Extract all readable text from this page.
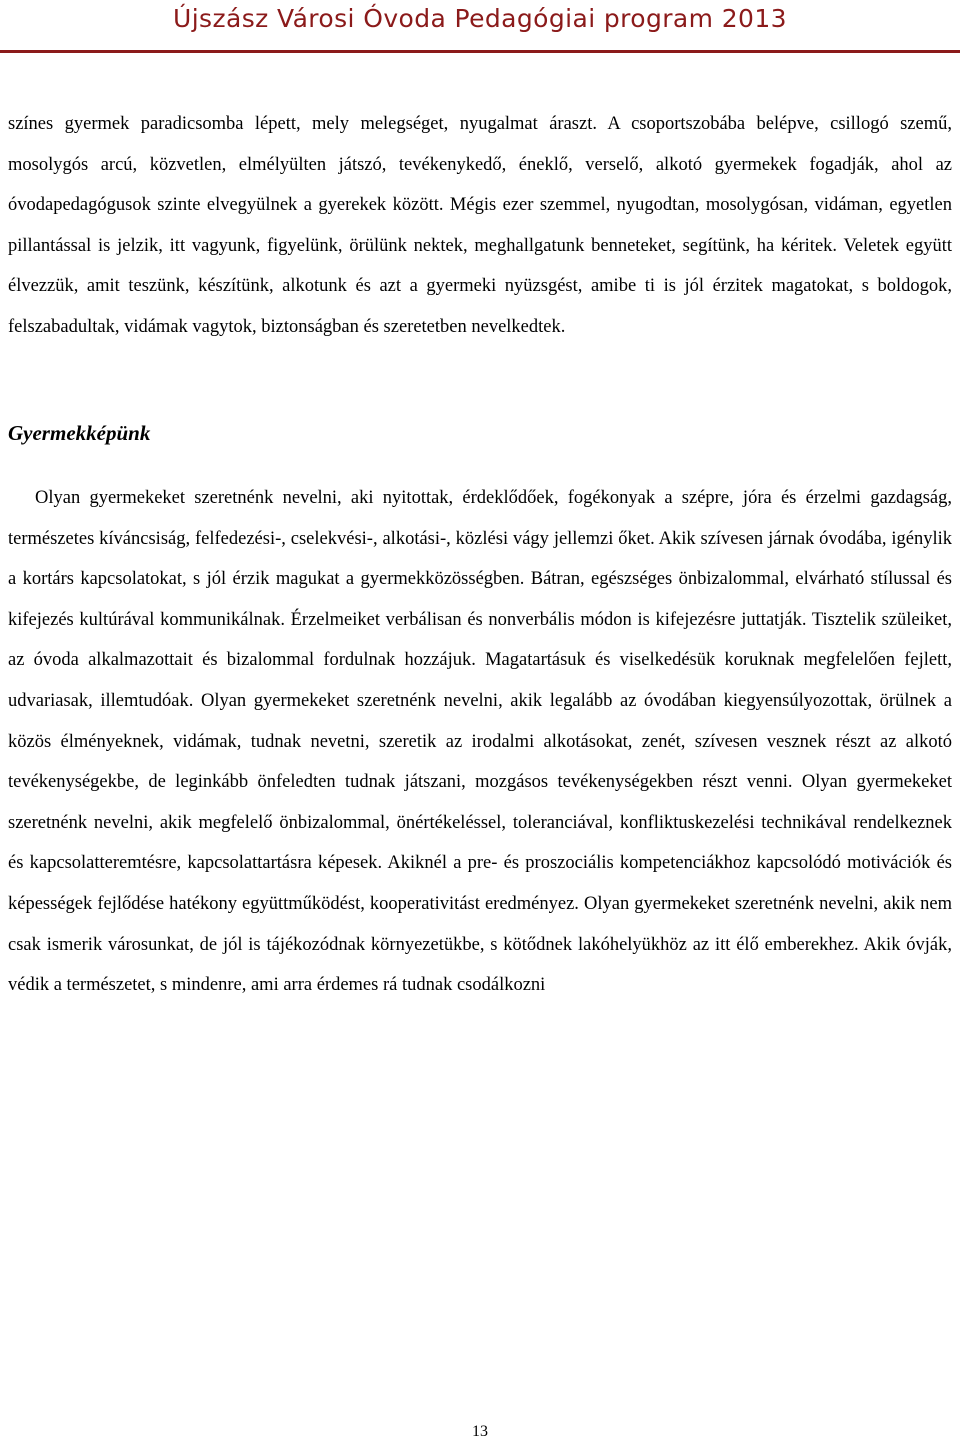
Újszász Városi Óvoda Pedagógiai program 2013

színes gyermek paradicsomba lépett, mely melegséget, nyugalmat áraszt. A csoportszobába belépve, csillogó szemű, mosolygós arcú, közvetlen, elmélyülten játszó, tevékenykedő, éneklő, verselő, alkotó gyermekek fogadják, ahol az óvodapedagógusok szinte elvegyülnek a gyerekek között. Mégis ezer szemmel, nyugodtan, mosolygósan, vidáman, egyetlen pillantással is jelzik, itt vagyunk, figyelünk, örülünk nektek, meghallgatunk benneteket, segítünk, ha kéritek. Veletek együtt élvezzük, amit teszünk, készítünk, alkotunk és azt a gyermeki nyüzsgést, amibe ti is jól érzitek magatokat, s boldogok, felszabadultak, vidámak vagytok, biztonságban és szeretetben nevelkedtek.

Gyermekképünk

Olyan gyermekeket szeretnénk nevelni, aki nyitottak, érdeklődőek, fogékonyak a szépre, jóra és érzelmi gazdagság, természetes kíváncsiság, felfedezési-, cselekvési-, alkotási-, közlési vágy jellemzi őket. Akik szívesen járnak óvodába, igénylik a kortárs kapcsolatokat, s jól érzik magukat a gyermekközösségben. Bátran, egészséges önbizalommal, elvárható stílussal és kifejezés kultúrával kommunikálnak. Érzelmeiket verbálisan és nonverbális módon is kifejezésre juttatják. Tisztelik szüleiket, az óvoda alkalmazottait és bizalommal fordulnak hozzájuk. Magatartásuk és viselkedésük koruknak megfelelően fejlett, udvariasak, illemtudóak. Olyan gyermekeket szeretnénk nevelni, akik legalább az óvodában kiegyensúlyozottak, örülnek a közös élményeknek, vidámak, tudnak nevetni, szeretik az irodalmi alkotásokat, zenét, szívesen vesznek részt az alkotó tevékenységekbe, de leginkább önfeledten tudnak játszani, mozgásos tevékenységekben részt venni. Olyan gyermekeket szeretnénk nevelni, akik megfelelő önbizalommal, önértékeléssel, toleranciával, konfliktuskezelési technikával rendelkeznek és kapcsolatteremtésre, kapcsolattartásra képesek. Akiknél a pre- és proszociális kompetenciákhoz kapcsolódó motivációk és képességek fejlődése hatékony együttműködést, kooperativitást eredményez. Olyan gyermekeket szeretnénk nevelni, akik nem csak ismerik városunkat, de jól is tájékozódnak környezetükbe, s kötődnek lakóhelyükhöz az itt élő emberekhez. Akik óvják, védik a természetet, s mindenre, ami arra érdemes rá tudnak csodálkozni

13
